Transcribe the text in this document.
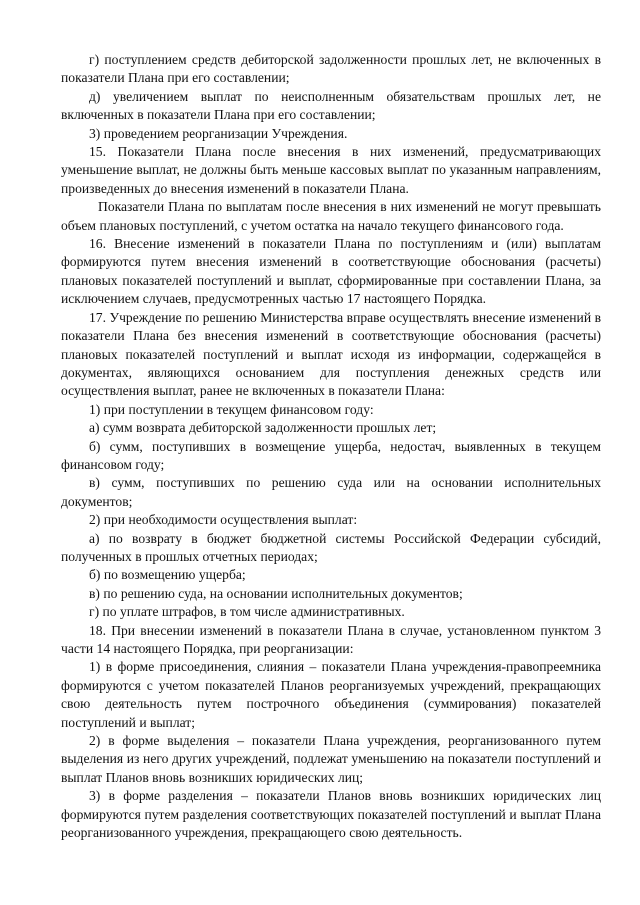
г) поступлением средств дебиторской задолженности прошлых лет, не включенных в показатели Плана при его составлении;

д) увеличением выплат по неисполненным обязательствам прошлых лет, не включенных в показатели Плана при его составлении;

3) проведением реорганизации Учреждения.

15. Показатели Плана после внесения в них изменений, предусматривающих уменьшение выплат, не должны быть меньше кассовых выплат по указанным направлениям, произведенных до внесения изменений в показатели Плана.

Показатели Плана по выплатам после внесения в них изменений не могут превышать объем плановых поступлений, с учетом остатка на начало текущего финансового года.

16. Внесение изменений в показатели Плана по поступлениям и (или) выплатам формируются путем внесения изменений в соответствующие обоснования (расчеты) плановых показателей поступлений и выплат, сформированные при составлении Плана, за исключением случаев, предусмотренных частью 17 настоящего Порядка.

17. Учреждение по решению Министерства вправе осуществлять внесение изменений в показатели Плана без внесения изменений в соответствующие обоснования (расчеты) плановых показателей поступлений и выплат исходя из информации, содержащейся в документах, являющихся основанием для поступления денежных средств или осуществления выплат, ранее не включенных в показатели Плана:

1) при поступлении в текущем финансовом году:

а) сумм возврата дебиторской задолженности прошлых лет;

б) сумм, поступивших в возмещение ущерба, недостач, выявленных в текущем финансовом году;

в) сумм, поступивших по решению суда или на основании исполнительных документов;

2) при необходимости осуществления выплат:

а) по возврату в бюджет бюджетной системы Российской Федерации субсидий, полученных в прошлых отчетных периодах;

б) по возмещению ущерба;

в) по решению суда, на основании исполнительных документов;

г) по уплате штрафов, в том числе административных.

18. При внесении изменений в показатели Плана в случае, установленном пунктом 3 части 14 настоящего Порядка, при реорганизации:

1) в форме присоединения, слияния – показатели Плана учреждения-правопреемника формируются с учетом показателей Планов реорганизуемых учреждений, прекращающих свою деятельность путем построчного объединения (суммирования) показателей поступлений и выплат;

2) в форме выделения – показатели Плана учреждения, реорганизованного путем выделения из него других учреждений, подлежат уменьшению на показатели поступлений и выплат Планов вновь возникших юридических лиц;

3) в форме разделения – показатели Планов вновь возникших юридических лиц формируются путем разделения соответствующих показателей поступлений и выплат Плана реорганизованного учреждения, прекращающего свою деятельность.
